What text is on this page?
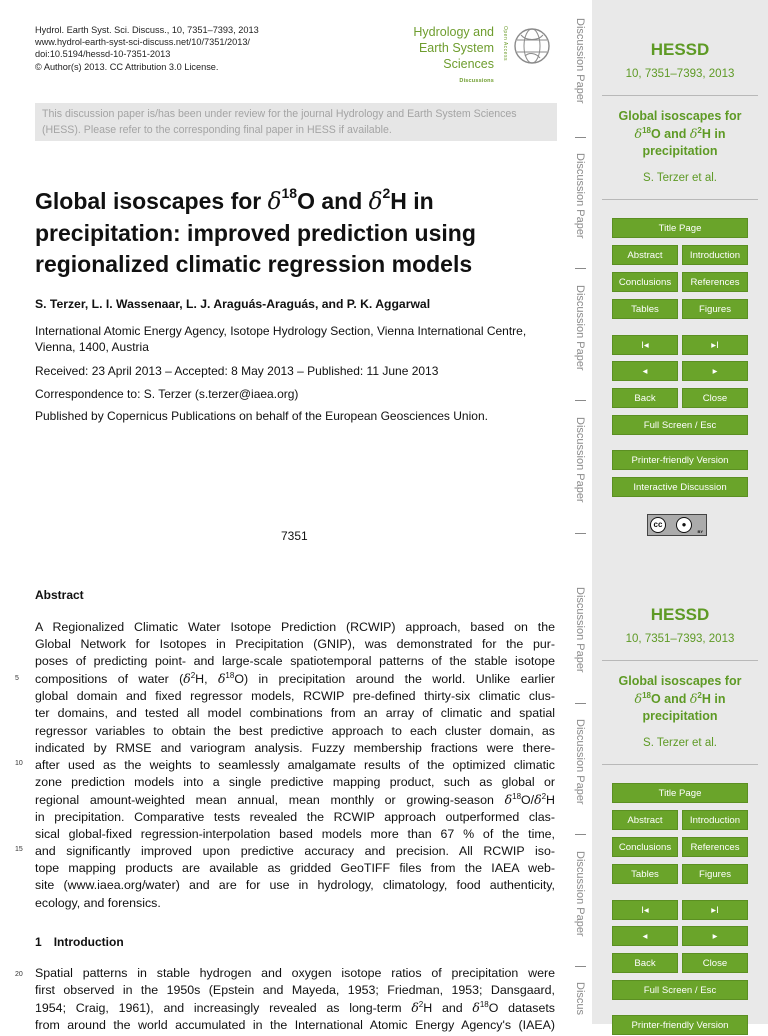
Hydrol. Earth Syst. Sci. Discuss., 10, 7351–7393, 2013
www.hydrol-earth-syst-sci-discuss.net/10/7351/2013/
doi:10.5194/hessd-10-7351-2013
© Author(s) 2013. CC Attribution 3.0 License.
Hydrology and
Earth System
Sciences
Discussions
Open Access
This discussion paper is/has been under review for the journal Hydrology and Earth System Sciences (HESS). Please refer to the corresponding final paper in HESS if available.
Global isoscapes for $\delta^{18}O$ and $\delta^2H$ in
precipitation: improved prediction using
regionalized climatic regression models
S. Terzer, L. I. Wassenaar, L. J. Araguás-Araguás, and P. K. Aggarwal
International Atomic Energy Agency, Isotope Hydrology Section, Vienna International Centre, Vienna, 1400, Austria
Received: 23 April 2013 – Accepted: 8 May 2013 – Published: 11 June 2013
Correspondence to: S. Terzer (s.terzer@iaea.org)
Published by Copernicus Publications on behalf of the European Geosciences Union.
7351
Abstract
A Regionalized Climatic Water Isotope Prediction (RCWIP) approach, based on the
Global Network for Isotopes in Precipitation (GNIP), was demonstrated for the pur-
poses of predicting point- and large-scale spatiotemporal patterns of the stable isotope
compositions of water ($\delta^2H$, $\delta^{18}O$) in precipitation around the world. Unlike earlier
global domain and fixed regressor models, RCWIP pre-defined thirty-six climatic clus-
ter domains, and tested all model combinations from an array of climatic and spatial
regressor variables to obtain the best predictive approach to each cluster domain, as
indicated by RMSE and variogram analysis. Fuzzy membership fractions were there-
after used as the weights to seamlessly amalgamate results of the optimized climatic
zone prediction models into a single predictive mapping product, such as global or
regional amount-weighted mean annual, mean monthly or growing-season $\delta^{18}O/\delta^2H$
in precipitation. Comparative tests revealed the RCWIP approach outperformed clas-
sical global-fixed regression-interpolation based models more than 67 % of the time,
and significantly improved upon predictive accuracy and precision. All RCWIP iso-
tope mapping products are available as gridded GeoTIFF files from the IAEA web-
site (www.iaea.org/water) and are for use in hydrology, climatology, food authenticity,
ecology, and forensics.
5
10
15
20
1 Introduction
Spatial patterns in stable hydrogen and oxygen isotope ratios of precipitation were
first observed in the 1950s (Epstein and Mayeda, 1953; Friedman, 1953; Dansgaard,
1954; Craig, 1961), and increasingly revealed as long-term $\delta^2H$ and $\delta^{18}O$ datasets
from around the world accumulated in the International Atomic Energy Agency's (IAEA)
Discussion Paper
Discussion Paper
Discussion Paper
Discussion Paper
Discussion Paper
Discussion Paper
Discussion Paper
Discus
HESSD
10, 7351–7393, 2013
Global isoscapes for
$\delta^{18}O$ and $\delta^2H$ in
precipitation
S. Terzer et al.
Title Page
Abstract	Introduction
Conclusions	References
Tables	Figures
I◂	▸I
◂	▸
Back	Close
Full Screen / Esc
Printer-friendly Version
Interactive Discussion
cc	●
BY
HESSD
10, 7351–7393, 2013
Global isoscapes for
$\delta^{18}O$ and $\delta^2H$ in
precipitation
S. Terzer et al.
Title Page
Abstract	Introduction
Conclusions	References
Tables	Figures
I◂	▸I
◂	▸
Back	Close
Full Screen / Esc
Printer-friendly Version
